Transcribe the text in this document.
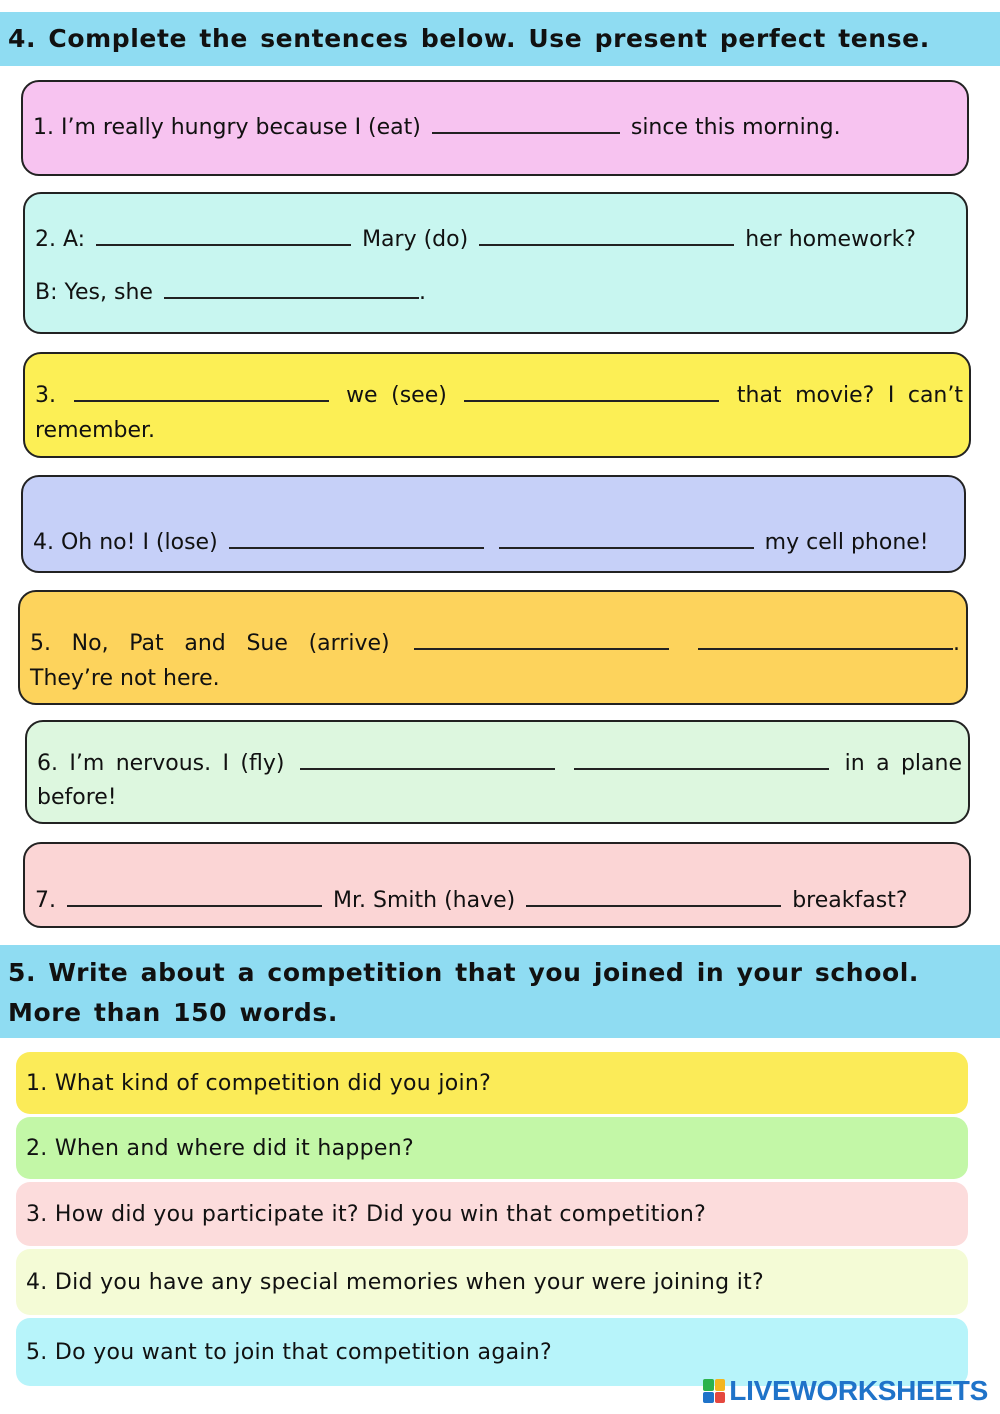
4. Complete the sentences below. Use present perfect tense.
1. I’m really hungry because I (eat)	since this morning.
2. A:	Mary (do)	her homework?
B: Yes, she	.
3.	we (see)	that movie? I can’t
remember.
4. Oh no! I (lose)	my cell phone!
5. No, Pat and Sue (arrive)	.
They’re not here.
6. I’m nervous. I (fly)	in a plane
before!
7.	Mr. Smith (have)	breakfast?
5. Write about a competition that you joined in your school. More than 150 words.
1. What kind of competition did you join?
2. When and where did it happen?
3. How did you participate it? Did you win that competition?
4. Did you have any special memories when your were joining it?
5. Do you want to join that competition again?
LIVEWORKSHEETS
